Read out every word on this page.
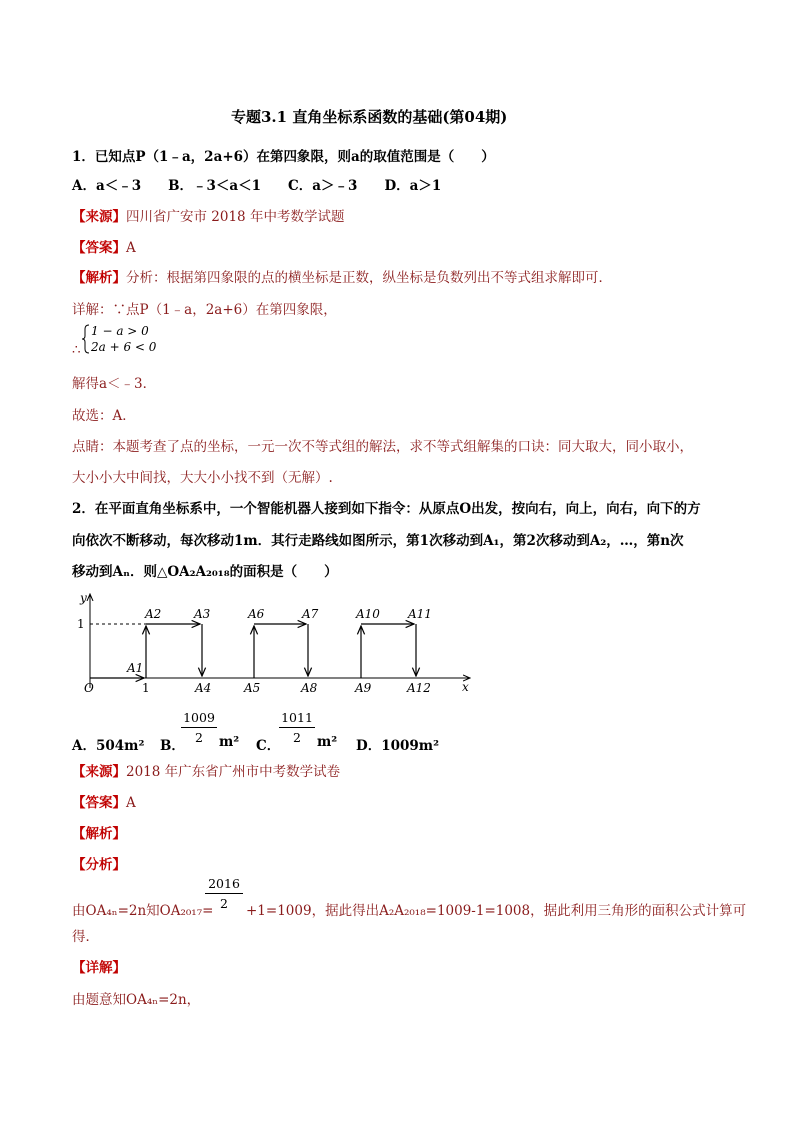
专题3.1 直角坐标系函数的基础(第04期)
1．已知点P（1﹣a，2a+6）在第四象限，则a的取值范围是（　　）
A．a＜﹣3　　B．﹣3＜a＜1　　C．a＞﹣3　　D．a＞1
【来源】四川省广安市 2018 年中考数学试题
【答案】A
【解析】分析：根据第四象限的点的横坐标是正数，纵坐标是负数列出不等式组求解即可．
详解：∵点P（1﹣a，2a+6）在第四象限，
∴
1 − a > 0
2a + 6 < 0
解得a＜﹣3．
故选：A．
点睛：本题考查了点的坐标，一元一次不等式组的解法，求不等式组解集的口诀：同大取大，同小取小，
大小小大中间找，大大小小找不到（无解）.
2．在平面直角坐标系中，一个智能机器人接到如下指令：从原点O出发，按向右，向上，向右，向下的方
向依次不断移动，每次移动1m．其行走路线如图所示，第1次移动到A₁，第2次移动到A₂，…，第n次
移动到Aₙ．则△OA₂A₂₀₁₈的面积是（　　）
y
x
O
A1
A2	A3	A6	A7	A10 A11
A4	A5	A8	A9	A12
1
1
A．504m² B．
1009
2	m² C．
1011
2	m² D．1009m²
【来源】2018 年广东省广州市中考数学试卷
【答案】A
【解析】
【分析】
由OA₄ₙ=2n知OA₂₀₁₇=
2016
2	+1=1009，据此得出A₂A₂₀₁₈=1009-1=1008，据此利用三角形的面积公式计算可
得．
【详解】
由题意知OA₄ₙ=2n，
